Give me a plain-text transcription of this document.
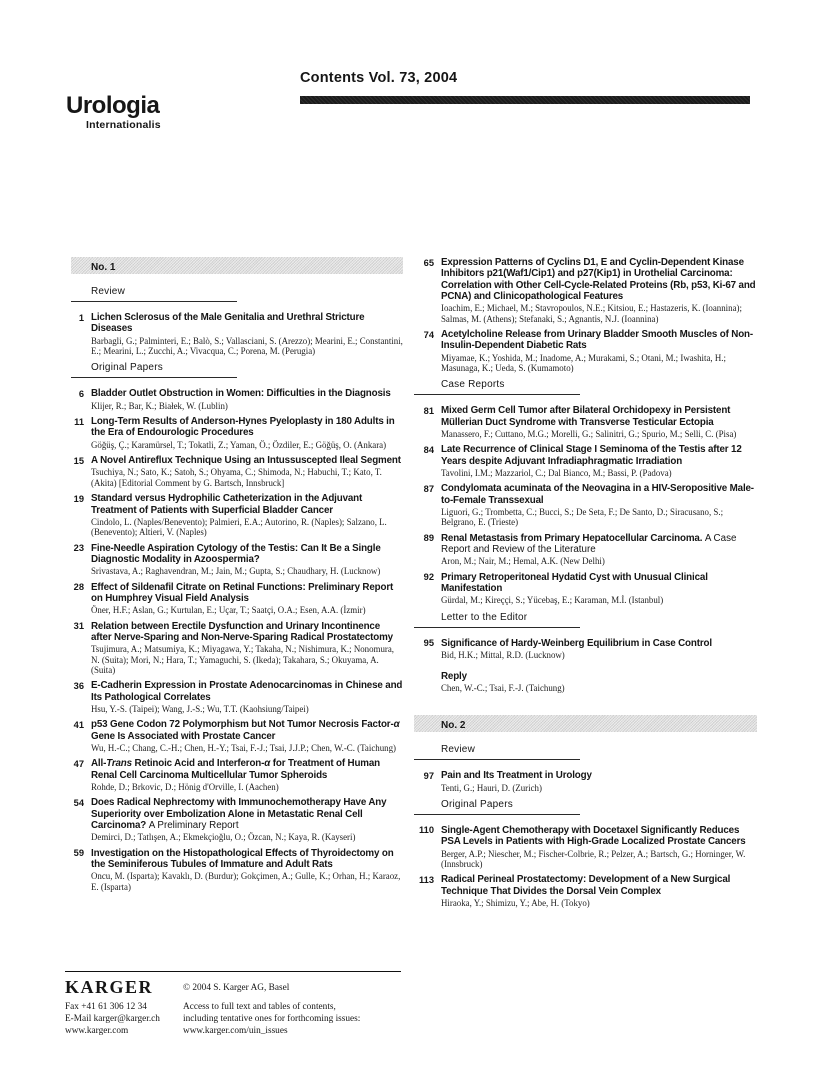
Urologia
Internationalis
Contents Vol. 73, 2004
No. 1
Review
1 Lichen Sclerosus of the Male Genitalia and Urethral Stricture Diseases
Barbagli, G.; Palminteri, E.; Balò, S.; Vallasciani, S. (Arezzo); Mearini, E.; Constantini, E.; Mearini, L.; Zucchi, A.; Vivacqua, C.; Porena, M. (Perugia)
Original Papers
6 Bladder Outlet Obstruction in Women: Difficulties in the Diagnosis
Klijer, R.; Bar, K.; Białek, W. (Lublin)
11 Long-Term Results of Anderson-Hynes Pyeloplasty in 180 Adults in the Era of Endourologic Procedures
Göğüş, Ç.; Karamürsel, T.; Tokatli, Z.; Yaman, Ö.; Özdiler, E.; Göğüş, O. (Ankara)
15 A Novel Antireflux Technique Using an Intussuscepted Ileal Segment
Tsuchiya, N.; Sato, K.; Satoh, S.; Ohyama, C.; Shimoda, N.; Habuchi, T.; Kato, T. (Akita) [Editorial Comment by G. Bartsch, Innsbruck]
19 Standard versus Hydrophilic Catheterization in the Adjuvant Treatment of Patients with Superficial Bladder Cancer
Cindolo, L. (Naples/Benevento); Palmieri, E.A.; Autorino, R. (Naples); Salzano, L. (Benevento); Altieri, V. (Naples)
23 Fine-Needle Aspiration Cytology of the Testis: Can It Be a Single Diagnostic Modality in Azoospermia?
Srivastava, A.; Raghavendran, M.; Jain, M.; Gupta, S.; Chaudhary, H. (Lucknow)
28 Effect of Sildenafil Citrate on Retinal Functions: Preliminary Report on Humphrey Visual Field Analysis
Öner, H.F.; Aslan, G.; Kurtulan, E.; Uçar, T.; Saatçi, O.A.; Esen, A.A. (İzmir)
31 Relation between Erectile Dysfunction and Urinary Incontinence after Nerve-Sparing and Non-Nerve-Sparing Radical Prostatectomy
Tsujimura, A.; Matsumiya, K.; Miyagawa, Y.; Takaha, N.; Nishimura, K.; Nonomura, N. (Suita); Mori, N.; Hara, T.; Yamaguchi, S. (Ikeda); Takahara, S.; Okuyama, A. (Suita)
36 E-Cadherin Expression in Prostate Adenocarcinomas in Chinese and Its Pathological Correlates
Hsu, Y.-S. (Taipei); Wang, J.-S.; Wu, T.T. (Kaohsiung/Taipei)
41 p53 Gene Codon 72 Polymorphism but Not Tumor Necrosis Factor-α Gene Is Associated with Prostate Cancer
Wu, H.-C.; Chang, C.-H.; Chen, H.-Y.; Tsai, F.-J.; Tsai, J.J.P.; Chen, W.-C. (Taichung)
47 All-Trans Retinoic Acid and Interferon-α for Treatment of Human Renal Cell Carcinoma Multicellular Tumor Spheroids
Rohde, D.; Brkovic, D.; Hönig d'Orville, I. (Aachen)
54 Does Radical Nephrectomy with Immunochemotherapy Have Any Superiority over Embolization Alone in Metastatic Renal Cell Carcinoma? A Preliminary Report
Demirci, D.; Tatlışen, A.; Ekmekçioğlu, O.; Özcan, N.; Kaya, R. (Kayseri)
59 Investigation on the Histopathological Effects of Thyroidectomy on the Seminiferous Tubules of Immature and Adult Rats
Oncu, M. (Isparta); Kavaklı, D. (Burdur); Gokçimen, A.; Gulle, K.; Orhan, H.; Karaoz, E. (Isparta)
65 Expression Patterns of Cyclins D1, E and Cyclin-Dependent Kinase Inhibitors p21(Waf1/Cip1) and p27(Kip1) in Urothelial Carcinoma: Correlation with Other Cell-Cycle-Related Proteins (Rb, p53, Ki-67 and PCNA) and Clinicopathological Features
Ioachim, E.; Michael, M.; Stavropoulos, N.E.; Kitsiou, E.; Hastazeris, K. (Ioannina); Salmas, M. (Athens); Stefanaki, S.; Agnantis, N.J. (Ioannina)
74 Acetylcholine Release from Urinary Bladder Smooth Muscles of Non-Insulin-Dependent Diabetic Rats
Miyamae, K.; Yoshida, M.; Inadome, A.; Murakami, S.; Otani, M.; Iwashita, H.; Masunaga, K.; Ueda, S. (Kumamoto)
Case Reports
81 Mixed Germ Cell Tumor after Bilateral Orchidopexy in Persistent Müllerian Duct Syndrome with Transverse Testicular Ectopia
Manassero, F.; Cuttano, M.G.; Morelli, G.; Salinitri, G.; Spurio, M.; Selli, C. (Pisa)
84 Late Recurrence of Clinical Stage I Seminoma of the Testis after 12 Years despite Adjuvant Infradiaphragmatic Irradiation
Tavolini, I.M.; Mazzariol, C.; Dal Bianco, M.; Bassi, P. (Padova)
87 Condylomata acuminata of the Neovagina in a HIV-Seropositive Male-to-Female Transsexual
Liguori, G.; Trombetta, C.; Bucci, S.; De Seta, F.; De Santo, D.; Siracusano, S.; Belgrano, E. (Trieste)
89 Renal Metastasis from Primary Hepatocellular Carcinoma. A Case Report and Review of the Literature
Aron, M.; Nair, M.; Hemal, A.K. (New Delhi)
92 Primary Retroperitoneal Hydatid Cyst with Unusual Clinical Manifestation
Gürdal, M.; Kireççi, S.; Yücebaş, E.; Karaman, M.İ. (Istanbul)
Letter to the Editor
95 Significance of Hardy-Weinberg Equilibrium in Case Control
Bid, H.K.; Mittal, R.D. (Lucknow)
Reply
Chen, W.-C.; Tsai, F.-J. (Taichung)
No. 2
Review
97 Pain and Its Treatment in Urology
Tenti, G.; Hauri, D. (Zurich)
Original Papers
110 Single-Agent Chemotherapy with Docetaxel Significantly Reduces PSA Levels in Patients with High-Grade Localized Prostate Cancers
Berger, A.P.; Niescher, M.; Fischer-Colbrie, R.; Pelzer, A.; Bartsch, G.; Horninger, W. (Innsbruck)
113 Radical Perineal Prostatectomy: Development of a New Surgical Technique That Divides the Dorsal Vein Complex
Hiraoka, Y.; Shimizu, Y.; Abe, H. (Tokyo)
KARGER	© 2004 S. Karger AG, Basel
Fax +41 61 306 12 34
E-Mail karger@karger.ch
www.karger.com
Access to full text and tables of contents,
including tentative ones for forthcoming issues:
www.karger.com/uin_issues
